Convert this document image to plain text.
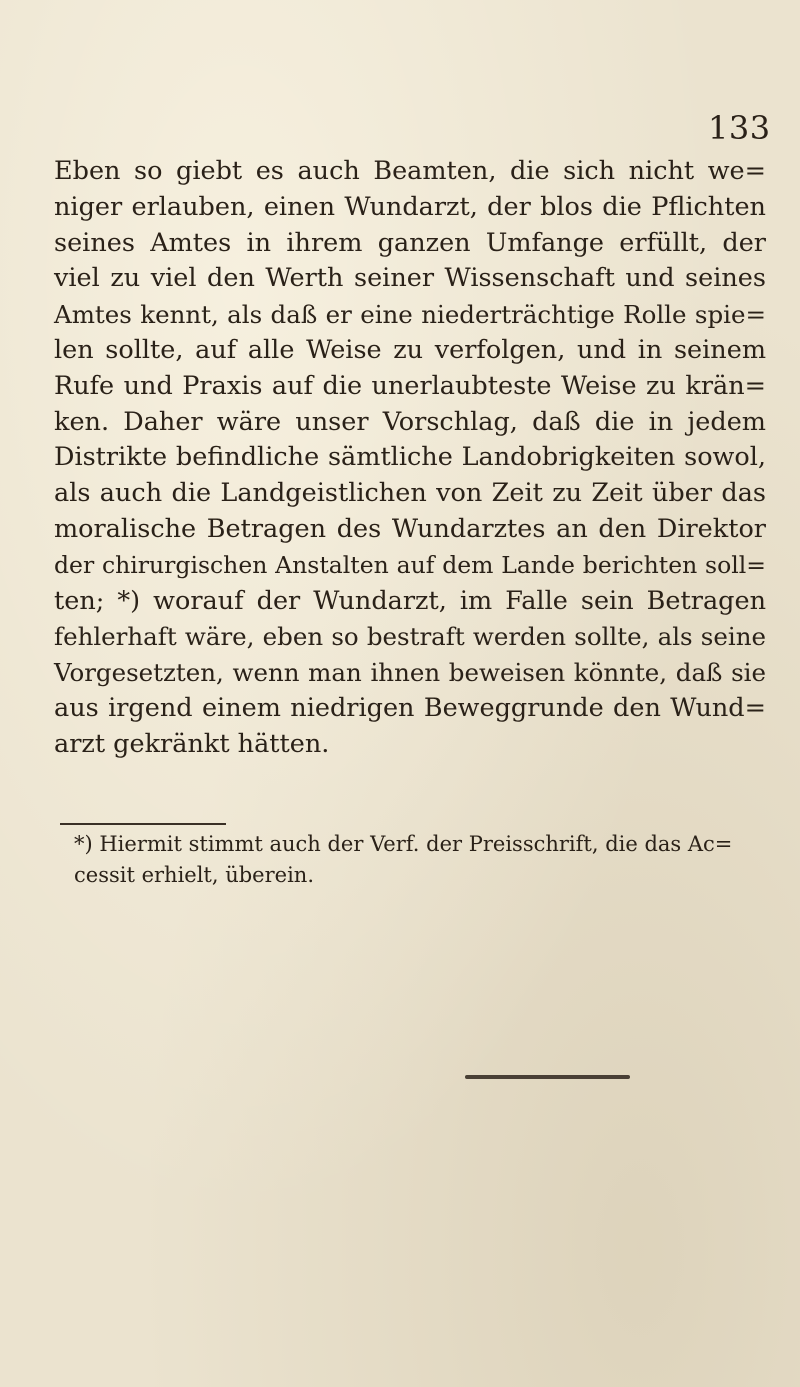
133
Eben so giebt es auch Beamten, die sich nicht we=
niger erlauben, einen Wundarzt, der blos die Pflichten
seines Amtes in ihrem ganzen Umfange erfüllt, der
viel zu viel den Werth seiner Wissenschaft und seines
Amtes kennt, als daß er eine niederträchtige Rolle spie=
len sollte, auf alle Weise zu verfolgen, und in seinem
Rufe und Praxis auf die unerlaubteste Weise zu krän=
ken. Daher wäre unser Vorschlag, daß die in jedem
Distrikte befindliche sämtliche Landobrigkeiten sowol,
als auch die Landgeistlichen von Zeit zu Zeit über das
moralische Betragen des Wundarztes an den Direktor
der chirurgischen Anstalten auf dem Lande berichten soll=
ten; *) worauf der Wundarzt, im Falle sein Betragen
fehlerhaft wäre, eben so bestraft werden sollte, als seine
Vorgesetzten, wenn man ihnen beweisen könnte, daß sie
aus irgend einem niedrigen Beweggrunde den Wund=
arzt gekränkt hätten.
*) Hiermit stimmt auch der Verf. der Preisschrift, die das Ac=
cessit erhielt, überein.
